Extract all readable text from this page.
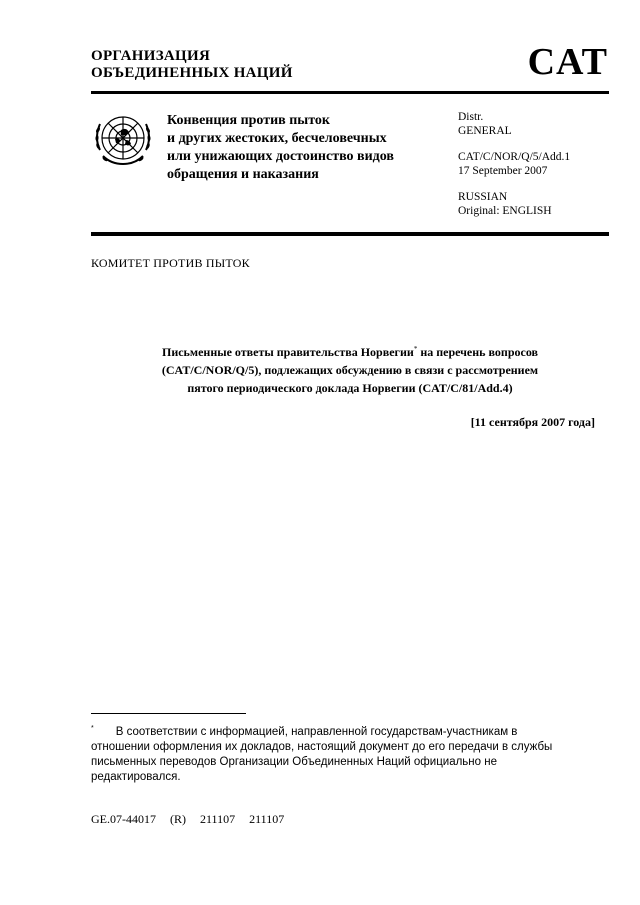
ОРГАНИЗАЦИЯ
ОБЪЕДИНЕННЫХ НАЦИЙ	CAT
Конвенция против пыток
и других жестоких, бесчеловечных
или унижающих достоинство видов
обращения и наказания
Distr.
GENERAL
CAT/C/NOR/Q/5/Add.1
17 September 2007
RUSSIAN
Original: ENGLISH
КОМИТЕТ ПРОТИВ ПЫТОК
Письменные ответы правительства Норвегии* на перечень вопросов
(CAT/C/NOR/Q/5), подлежащих обсуждению в связи с рассмотрением
пятого периодического доклада Норвегии (CAT/C/81/Add.4)
[11 сентября 2007 года]
* В соответствии с информацией, направленной государствам-участникам в отношении оформления их докладов, настоящий документ до его передачи в службы письменных переводов Организации Объединенных Наций официально не редактировался.
GE.07-44017 (R) 211107 211107
